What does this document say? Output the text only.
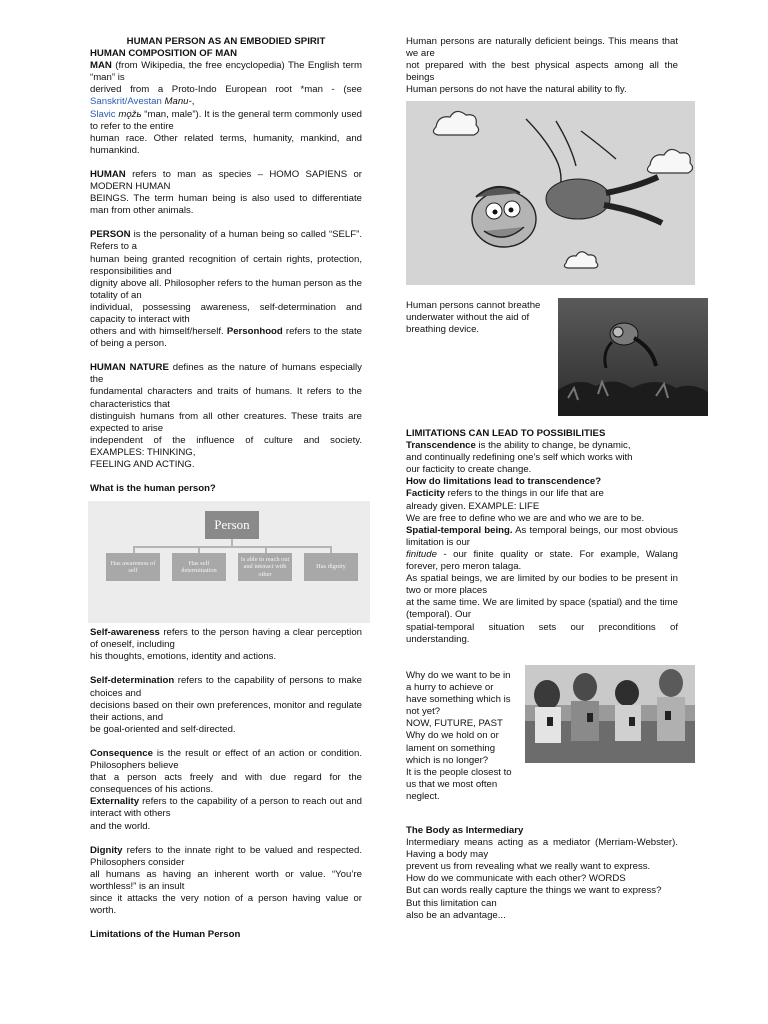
HUMAN PERSON AS AN EMBODIED SPIRIT

HUMAN COMPOSITION OF MAN

MAN (from Wikipedia, the free encyclopedia) The English term “man” is
derived from a Proto-Indo European root *man - (see Sanskrit/Avestan Manu-,
Slavic mǫžь “man, male”). It is the general term commonly used to refer to the entire
human race. Other related terms, humanity, mankind, and humankind.

HUMAN refers to man as species – HOMO SAPIENS or MODERN HUMAN
BEINGS. The term human being is also used to differentiate man from other animals.

PERSON is the personality of a human being so called “SELF”. Refers to a
human being granted recognition of certain rights, protection, responsibilities and
dignity above all. Philosopher refers to the human person as the totality of an
individual, possessing awareness, self-determination and capacity to interact with
others and with himself/herself. Personhood refers to the state of being a person.

HUMAN NATURE defines as the nature of humans especially the
fundamental characters and traits of humans. It refers to the characteristics that
distinguish humans from all other creatures. These traits are expected to arise
independent of the influence of culture and society. EXAMPLES: THINKING,
FEELING AND ACTING.

What is the human person?

Person
Has awareness of self
Has self determination
Is able to reach out and interact with other
Has dignity

Self-awareness refers to the person having a clear perception of oneself, including
his thoughts, emotions, identity and actions.

Self-determination refers to the capability of persons to make choices and
decisions based on their own preferences, monitor and regulate their actions, and
be goal-oriented and self-directed.

Consequence is the result or effect of an action or condition. Philosophers believe
that a person acts freely and with due regard for the consequences of his actions.

Externality refers to the capability of a person to reach out and interact with others
and the world.

Dignity refers to the innate right to be valued and respected. Philosophers consider
all humans as having an inherent worth or value. “You’re worthless!” is an insult
since it attacks the very notion of a person having value or worth.

Limitations of the Human Person

Human persons are naturally deficient beings. This means that we are
not prepared with the best physical aspects among all the beings
Human persons do not have the natural ability to fly.

Human persons cannot breathe
underwater without the aid of
breathing device.

LIMITATIONS CAN LEAD TO POSSIBILITIES

Transcendence is the ability to change, be dynamic,
and continually redefining one’s self which works with
our facticity to create change.

How do limitations lead to transcendence?

Facticity refers to the things in our life that are
already given. EXAMPLE: LIFE
We are free to define who we are and who we are to be.

Spatial-temporal being. As temporal beings, our most obvious limitation is our
finitude - our finite quality or state. For example, Walang forever, pero meron talaga.
As spatial beings, we are limited by our bodies to be present in two or more places
at the same time. We are limited by space (spatial) and the time (temporal). Our
spatial-temporal situation sets our preconditions of understanding.

Why do we want to be in

a hurry to achieve or

have something which is

not yet?

NOW, FUTURE, PAST

Why do we hold on or

lament on something

which is no longer?

It is the people closest to

us that we most often

neglect.

The Body as Intermediary

Intermediary means acting as a mediator (Merriam-Webster). Having a body may
prevent us from revealing what we really want to express.
How do we communicate with each other? WORDS
But can words really capture the things we want to express?
But this limitation can
also be an advantage...
